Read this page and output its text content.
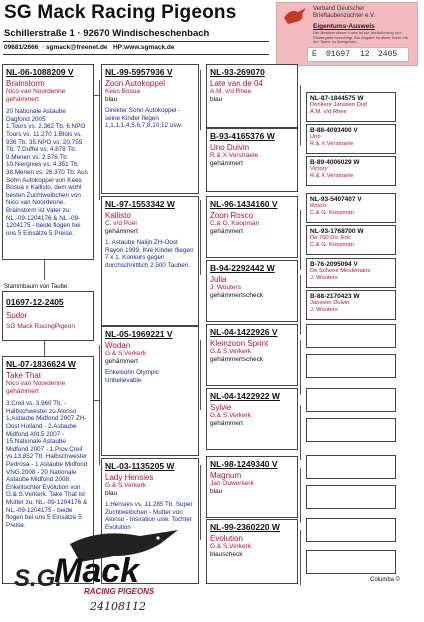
SG Mack Racing Pigeons
Schillerstraße 1 · 92670 Windischeschenbach
09681/2666  · sgmack@freenet.de HP:www.sgmack.de
Verband Deutscher
Brieftaubenzüchter e.V.
Eigentums-Ausweis
Der Besitzer dieser Karte ist zur Veräußerung und Weitergabe berechtigt. Bei Abgabe ist diese Karte mit der Taube zu übergeben.
E 01697 12 2405
NL-06-1088209 V
Brainstorm
Nico van Noordenne
gehämmert
20 Nationale Astaube Dagfond 2005
1.Tours vs. 2.362 Tb. 6.NPO Tours vs. 11.270 1.Blois vs. 936 Tb. 35.NPO vs. 20.755 Tb. 7.Duffel vs. 4.878 Tb. 9.Menen vs. 2.576 Tb 10.Niergnies vs. 4.351 Tb. 38.Menen vs. 26.370 Tb. Aus Sohn Autokoppel von Kees Bosua x Kallisto, dem wohl besten Zuchtweibchen von Nico van Noordenne. Brainstorm ist Vater zu: NL.-09-1204176 & NL.-09-1204175 - beide flogen bei uns 5 Einsätze 5 Preise.
Stammbaum von Taube:
01697-12-2405
Sudor
SG Mack RacingPigeon
NL-07-1836624 W
Take That
Nico van Noordenne
gehämmert
3.Creil vs. 3.960 Tb. - Halbschwester zu Alonso 1.Astaube Midfond 2007 ZH-Oost Holland - 2.Astaube Midfond Afd.5 2007 - 15.Nationale Astaube Midfond 2007 - 1.Prov.Creil vs.13.852 Tb. Halbschwester Pedrosa - 1 Astaube Midfond VNG.2008 - 20 Nationale Astaube Midfond 2008. Enkeltochter Evolution von G.& S.Verkerk. Take That ist Mutter zu: NL.-09-1204176 & NL.-09-1204175 - beide flogen bei uns 5 Einsätze 5 Preise.
NL-99-5957936 V
Zoon Autokoppel
Kees Bosua
blau
Direkter Sohn Autokoppel - seine Kinder flegen 1,1,1,1,4,5,6,7,8,10,12 usw.
NL-97-1553342 W
Kallisto
C. v/d Poel
gehämmert
1. Astaube Nalijn ZH-Oost Rayon 1999. Ihre Kinder fliegen 7 x 1. Konkurs gegen durchschnittlich 2.500 Tauben.
NL-05-1969221 V
Wodan
G.& S.Verkerk
gehämmert
Enkelsohn Olympic Unbelievable.
NL-03-1135205 W
Lady Hensies
G.& S.Verkerk
blau
1.Hensies vs. 11.285 Tb. Super Zuchtweibchen - Mutter von Alonso - Insiration usw. Tochter Evolution
NL-93-269070
Late van de 04
A.M. v/d Rhee
blau
B-93-4165376 W
Uno Duivin
R.& X.Verstraete
gehämmert
NL-96-1434160 V
Zoon Rosco
C.& G. Koopman
gehämmert
B-94-2292442 W
Julia
J. Wouters
gehämmertscheck
NL-04-1422926 V
Kleinzoon Sprint
G.& S.Verkerk
gehämmertscheck
NL-04-1422922 W
Sylvie
G.& S.Verkerk
gehämmert
NL-98-1249340 V
Magnum
Jan Ouwerkerk
blau
NL-99-2360220 W
Evolution
G.& S.Verkerk
blauscheck
NL-87-1844575 W
Donkere Janssen Duif
A.M. v/d Rhee
B-88-4093400 V
Uno
R.& X.Verstraete
B-89-4006029 W
Victory
R.& X.Verstraete
NL-93-5407407 V
Rosco
C.& G. Koopman
NL-93-1768700 W
De 700 Do. Eric
C.& G. Koopman
B-76-2095094 V
De Schone Meulemans
J. Wouters
B-88-2170423 W
Janssen Duivin
J. Wouters
S.G.
Mack
RACING PIGEONS
24108112
Columba ©
